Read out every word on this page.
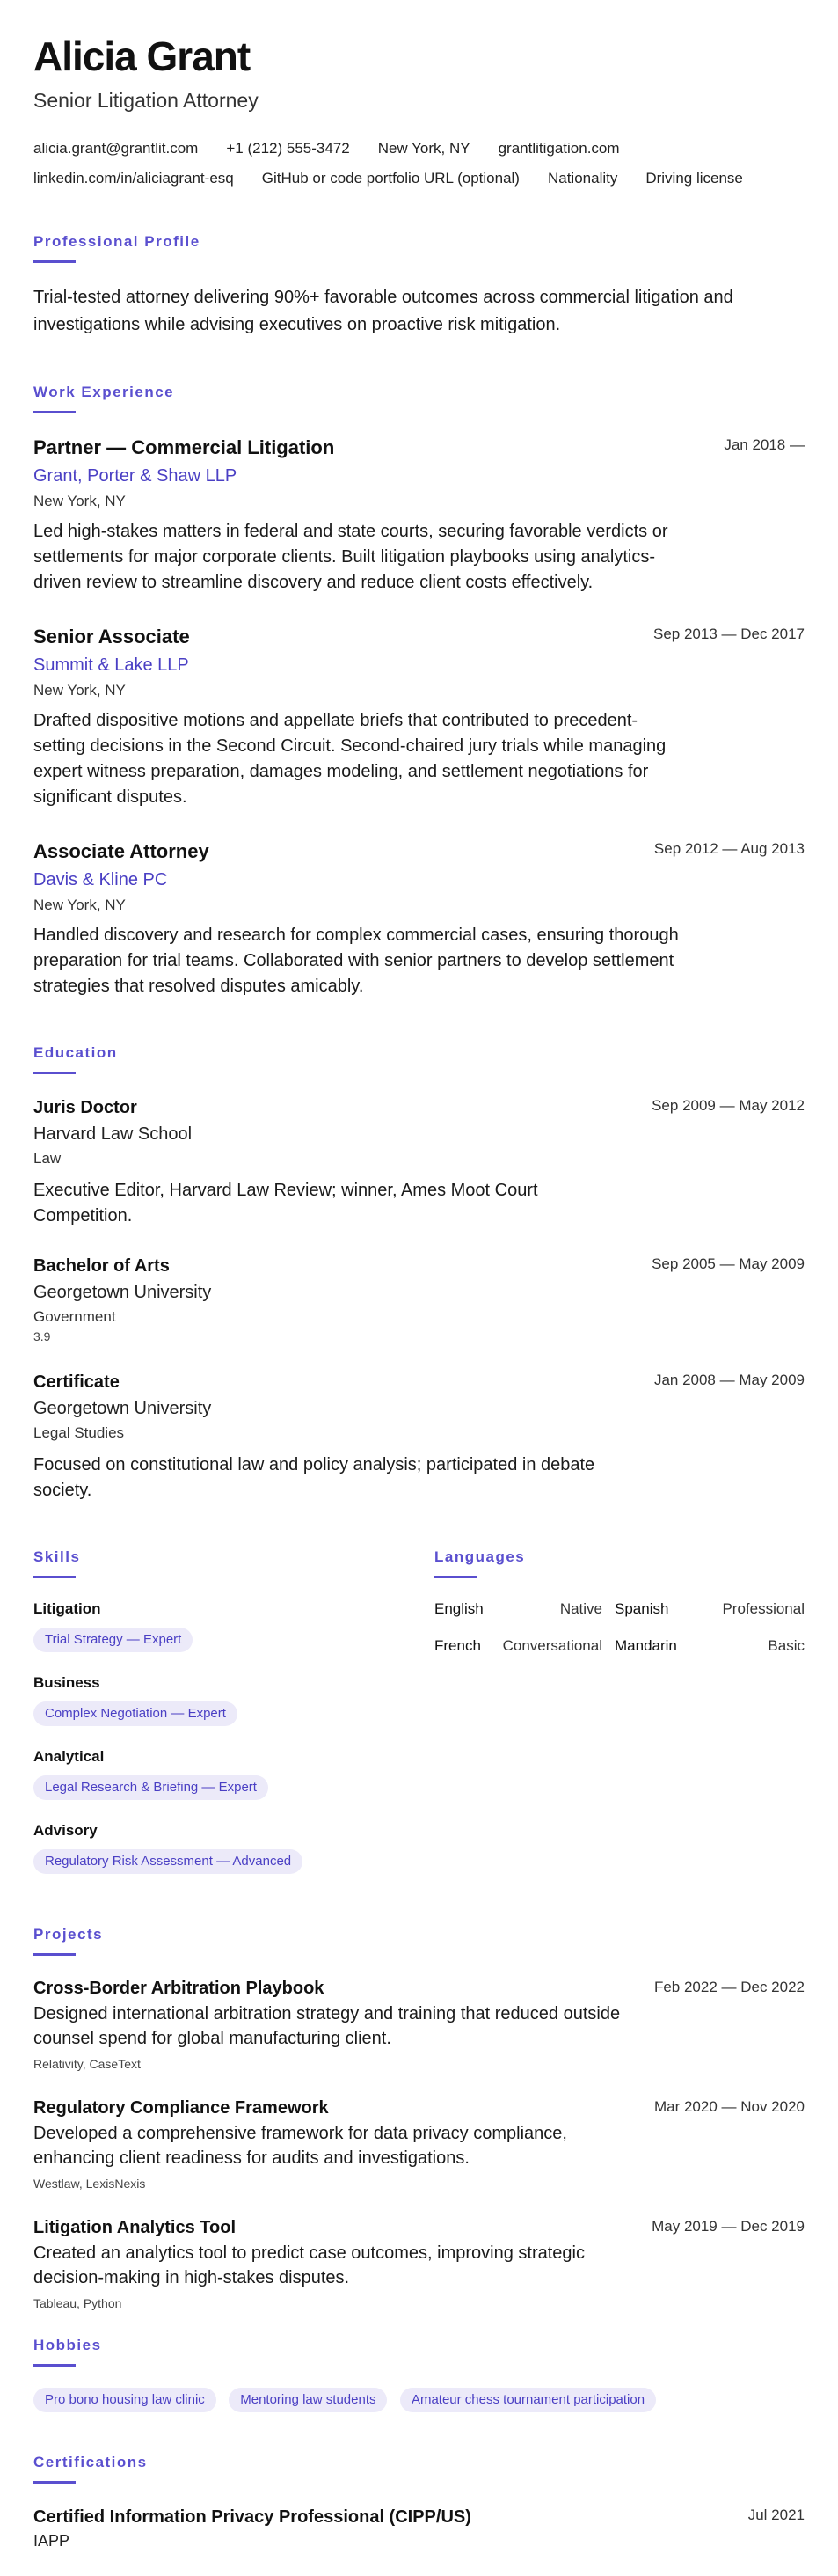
Alicia Grant
Senior Litigation Attorney
alicia.grant@grantlit.com +1 (212) 555-3472 New York, NY grantlitigation.com
linkedin.com/in/aliciagrant-esq GitHub or code portfolio URL (optional) Nationality Driving license
Professional Profile

Trial-tested attorney delivering 90%+ favorable outcomes across commercial litigation and investigations while advising executives on proactive risk mitigation.

Work Experience
Jan 2018 —
Partner — Commercial Litigation
Grant, Porter & Shaw LLP
New York, NY

Led high-stakes matters in federal and state courts, securing favorable verdicts or settlements for major corporate clients. Built litigation playbooks using analytics-driven review to streamline discovery and reduce client costs effectively.

Sep 2013 — Dec 2017
Senior Associate
Summit & Lake LLP
New York, NY

Drafted dispositive motions and appellate briefs that contributed to precedent-setting decisions in the Second Circuit. Second-chaired jury trials while managing expert witness preparation, damages modeling, and settlement negotiations for significant disputes.

Sep 2012 — Aug 2013
Associate Attorney
Davis & Kline PC
New York, NY

Handled discovery and research for complex commercial cases, ensuring thorough preparation for trial teams. Collaborated with senior partners to develop settlement strategies that resolved disputes amicably.

Education
Sep 2009 — May 2012
Juris Doctor
Harvard Law School
Law

Executive Editor, Harvard Law Review; winner, Ames Moot Court Competition.

Sep 2005 — May 2009
Bachelor of Arts
Georgetown University
Government
3.9
Jan 2008 — May 2009
Certificate
Georgetown University
Legal Studies

Focused on constitutional law and policy analysis; participated in debate society.

Skills
Litigation
Trial Strategy — Expert
Business
Complex Negotiation — Expert
Analytical
Legal Research & Briefing — Expert
Advisory
Regulatory Risk Assessment — Advanced
Languages
English	Native Spanish	Professional
French Conversational Mandarin	Basic
Projects
Feb 2022 — Dec 2022
Cross-Border Arbitration Playbook

Designed international arbitration strategy and training that reduced outside counsel spend for global manufacturing client.

Relativity, CaseText
Mar 2020 — Nov 2020
Regulatory Compliance Framework

Developed a comprehensive framework for data privacy compliance, enhancing client readiness for audits and investigations.

Westlaw, LexisNexis
May 2019 — Dec 2019
Litigation Analytics Tool

Created an analytics tool to predict case outcomes, improving strategic decision-making in high-stakes disputes.

Tableau, Python
Hobbies
Pro bono housing law clinic	Mentoring law students	Amateur chess tournament participation
Certifications
Jul 2021
Certified Information Privacy Professional (CIPP/US)
IAPP
